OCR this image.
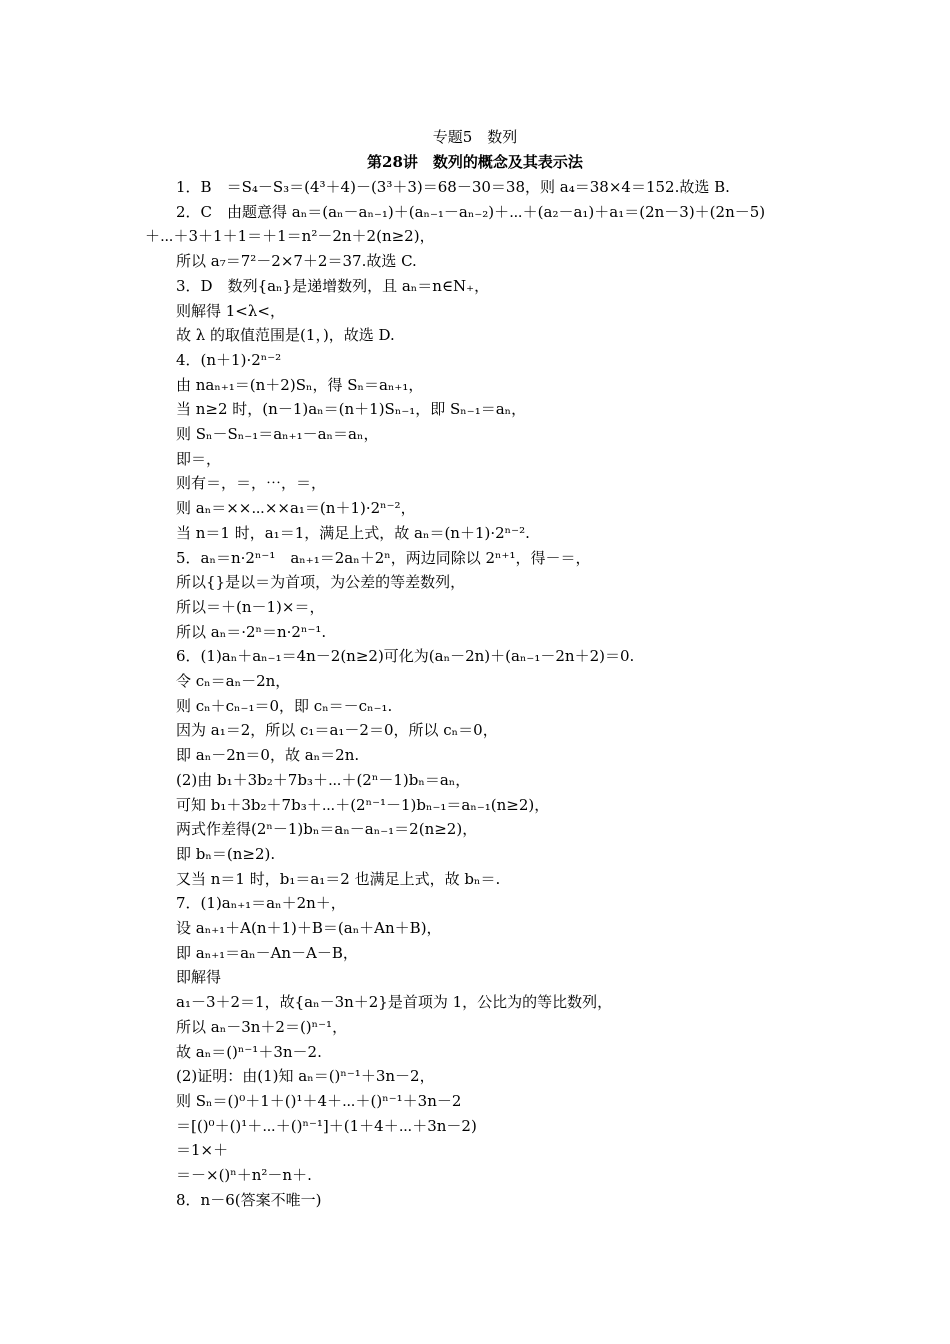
专题5　数列
第28讲　数列的概念及其表示法
1．B　＝S₄－S₃＝(4³＋4)－(3³＋3)＝68－30＝38，则 a₄＝38×4＝152.故选 B.
2．C　由题意得 aₙ＝(aₙ－aₙ₋₁)＋(aₙ₋₁－aₙ₋₂)＋⋯＋(a₂－a₁)＋a₁＝(2n－3)＋(2n－5)
＋⋯＋3＋1＋1＝＋1＝n²－2n＋2(n≥2)，
所以 a₇＝7²－2×7＋2＝37.故选 C.
3．D　数列{aₙ}是递增数列，且 aₙ＝n∈N₊，
则解得 1<λ<，
故 λ 的取值范围是(1，)，故选 D.
4．(n＋1)·2ⁿ⁻²
由 naₙ₊₁＝(n＋2)Sₙ，得 Sₙ＝aₙ₊₁，
当 n≥2 时，(n－1)aₙ＝(n＋1)Sₙ₋₁，即 Sₙ₋₁＝aₙ，
则 Sₙ－Sₙ₋₁＝aₙ₊₁－aₙ＝aₙ，
即＝，
则有＝，＝，⋯，＝，
则 aₙ＝××⋯××a₁＝(n＋1)·2ⁿ⁻²，
当 n＝1 时，a₁＝1，满足上式，故 aₙ＝(n＋1)·2ⁿ⁻².
5．aₙ＝n·2ⁿ⁻¹　aₙ₊₁＝2aₙ＋2ⁿ，两边同除以 2ⁿ⁺¹，得－＝，
所以{}是以＝为首项，为公差的等差数列，
所以＝＋(n－1)×＝，
所以 aₙ＝·2ⁿ＝n·2ⁿ⁻¹.
6．(1)aₙ＋aₙ₋₁＝4n－2(n≥2)可化为(aₙ－2n)＋(aₙ₋₁－2n＋2)＝0.
令 cₙ＝aₙ－2n，
则 cₙ＋cₙ₋₁＝0，即 cₙ＝－cₙ₋₁.
因为 a₁＝2，所以 c₁＝a₁－2＝0，所以 cₙ＝0，
即 aₙ－2n＝0，故 aₙ＝2n.
(2)由 b₁＋3b₂＋7b₃＋⋯＋(2ⁿ－1)bₙ＝aₙ，
可知 b₁＋3b₂＋7b₃＋⋯＋(2ⁿ⁻¹－1)bₙ₋₁＝aₙ₋₁(n≥2)，
两式作差得(2ⁿ－1)bₙ＝aₙ－aₙ₋₁＝2(n≥2)，
即 bₙ＝(n≥2).
又当 n＝1 时，b₁＝a₁＝2 也满足上式，故 bₙ＝.
7．(1)aₙ₊₁＝aₙ＋2n＋，
设 aₙ₊₁＋A(n＋1)＋B＝(aₙ＋An＋B)，
即 aₙ₊₁＝aₙ－An－A－B，
即解得
a₁－3＋2＝1，故{aₙ－3n＋2}是首项为 1，公比为的等比数列，
所以 aₙ－3n＋2＝()ⁿ⁻¹，
故 aₙ＝()ⁿ⁻¹＋3n－2.
(2)证明：由(1)知 aₙ＝()ⁿ⁻¹＋3n－2，
则 Sₙ＝()⁰＋1＋()¹＋4＋⋯＋()ⁿ⁻¹＋3n－2
＝[()⁰＋()¹＋⋯＋()ⁿ⁻¹]＋(1＋4＋⋯＋3n－2)
＝1×＋
＝－×()ⁿ＋n²－n＋.
8．n－6(答案不唯一)
